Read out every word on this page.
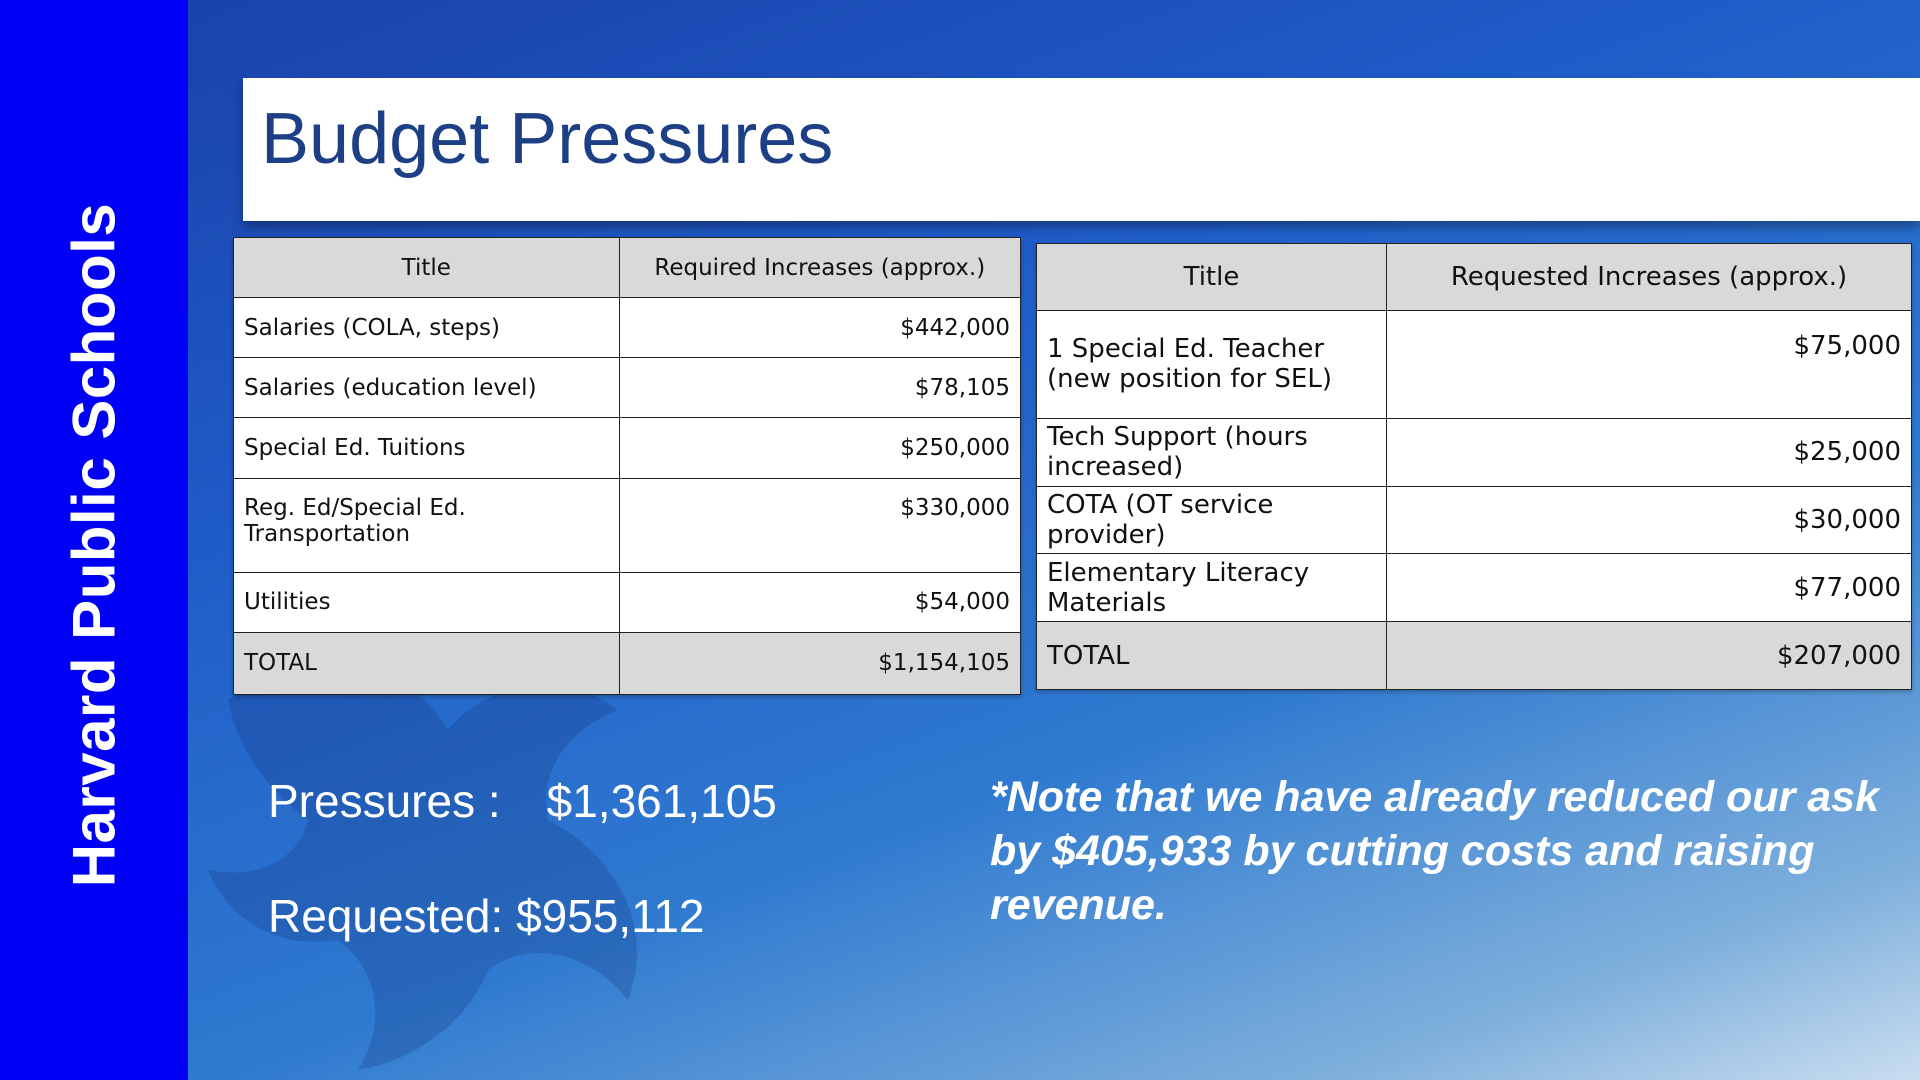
Harvard Public Schools
Budget Pressures
Title	Required Increases (approx.)
Salaries (COLA, steps)	$442,000
Salaries (education level)	$78,105
Special Ed. Tuitions	$250,000
Reg. Ed/Special Ed. Transportation	$330,000
Utilities	$54,000
TOTAL	$1,154,105
Title	Requested Increases (approx.)
1 Special Ed. Teacher (new position for SEL)	$75,000
Tech Support (hours increased)	$25,000
COTA (OT service provider)	$30,000
Elementary Literacy Materials	$77,000
TOTAL	$207,000
Pressures : $1,361,105
Requested: $955,112
*Note that we have already reduced our ask by $405,933 by cutting costs and raising revenue.
